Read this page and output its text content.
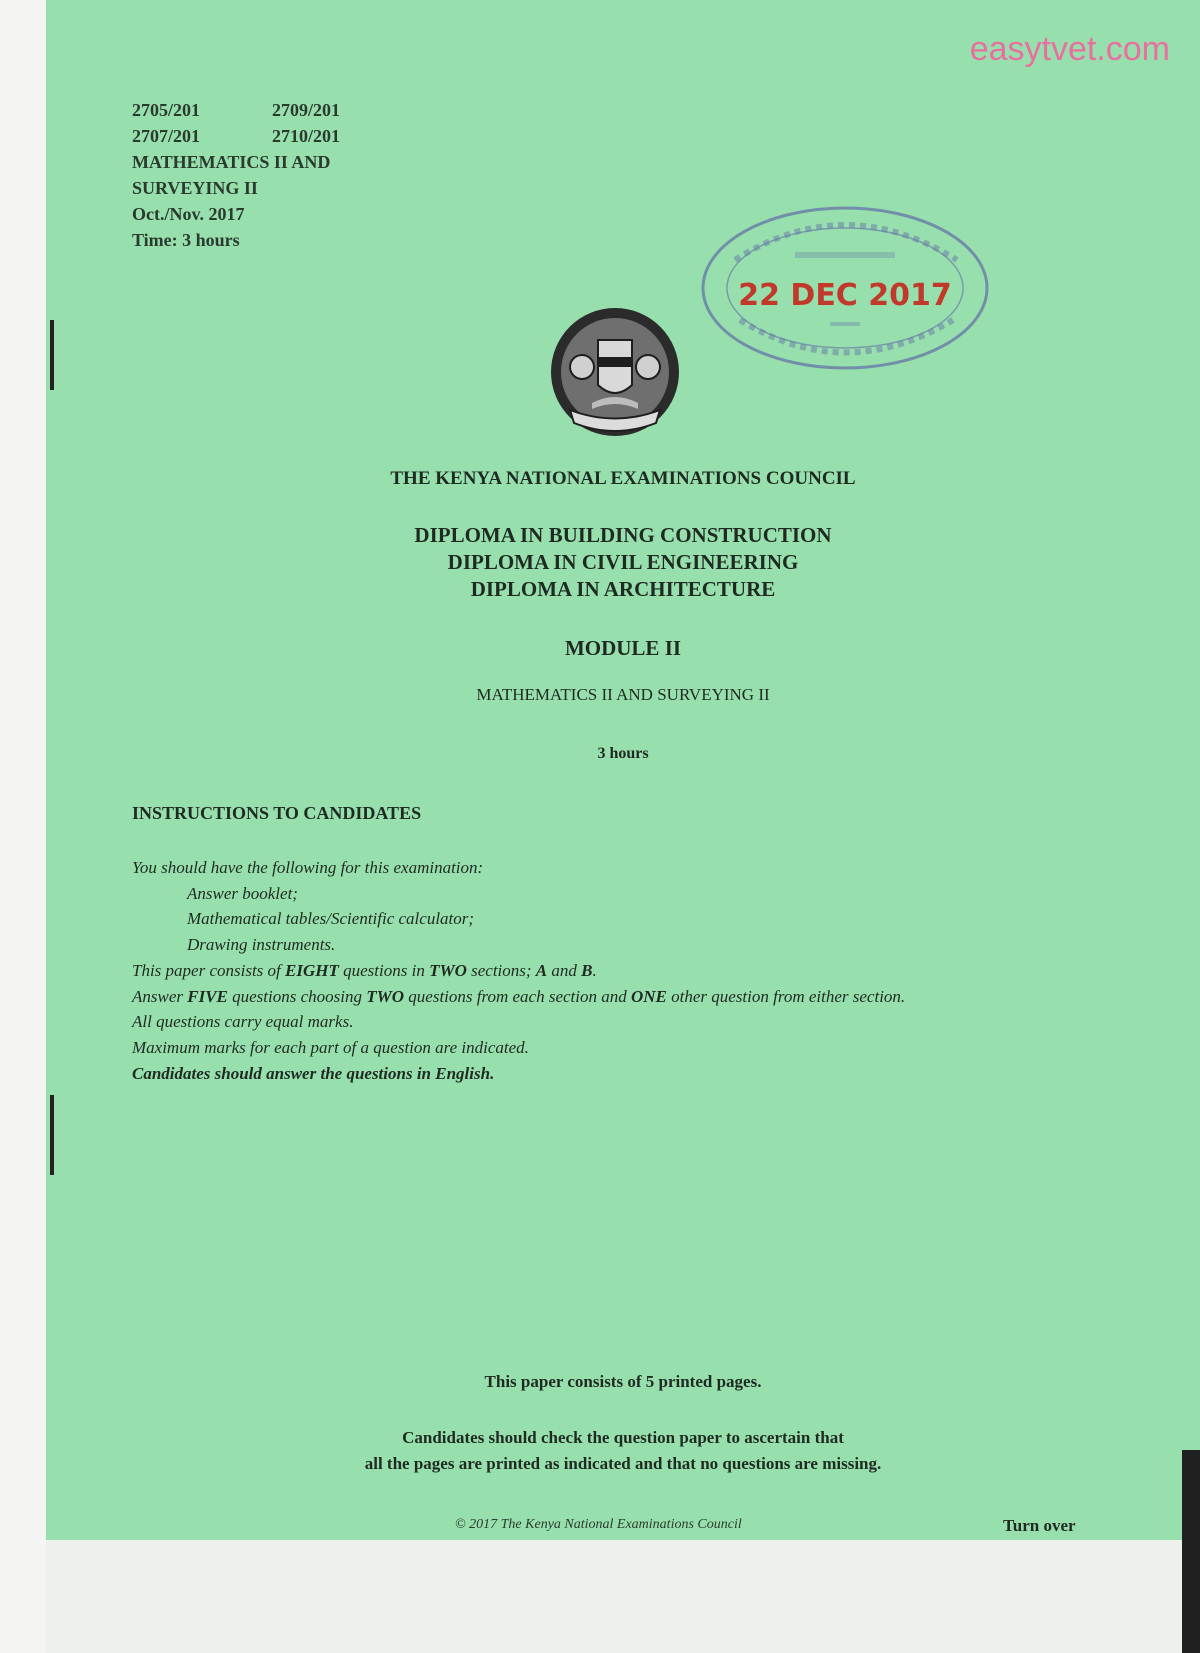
easytvet.com
2705/201	2709/201
2707/201	2710/201
MATHEMATICS II AND
SURVEYING II
Oct./Nov. 2017
Time: 3 hours
22 DEC 2017
THE KENYA NATIONAL EXAMINATIONS COUNCIL
DIPLOMA IN BUILDING CONSTRUCTION
DIPLOMA IN CIVIL ENGINEERING
DIPLOMA IN ARCHITECTURE
MODULE II
MATHEMATICS II AND SURVEYING II
3 hours
INSTRUCTIONS TO CANDIDATES
You should have the following for this examination:
Answer booklet;
Mathematical tables/Scientific calculator;
Drawing instruments.
This paper consists of EIGHT questions in TWO sections; A and B.
Answer FIVE questions choosing TWO questions from each section and ONE other question from either section.
All questions carry equal marks.
Maximum marks for each part of a question are indicated.
Candidates should answer the questions in English.
This paper consists of 5 printed pages.
Candidates should check the question paper to ascertain that
all the pages are printed as indicated and that no questions are missing.
© 2017 The Kenya National Examinations Council	Turn over
